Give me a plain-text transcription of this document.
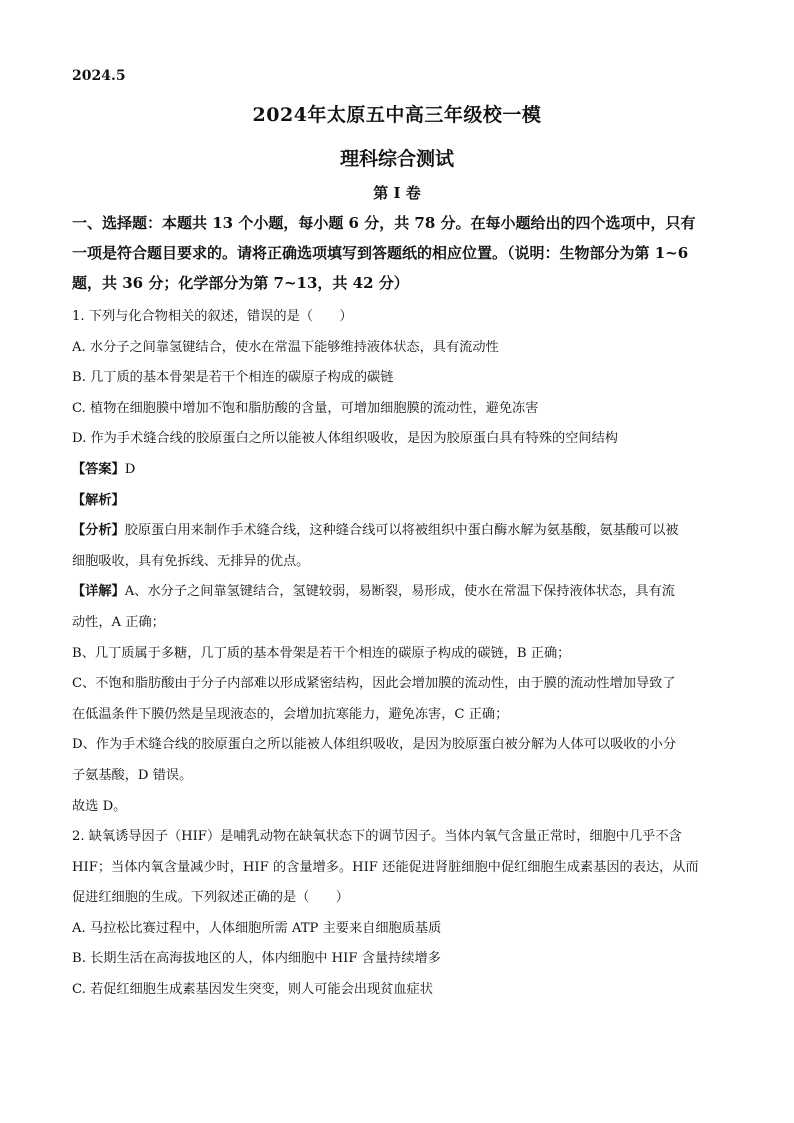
2024.5
2024年太原五中高三年级校一模
理科综合测试
第 I 卷
一、选择题：本题共 13 个小题，每小题 6 分，共 78 分。在每小题给出的四个选项中，只有
一项是符合题目要求的。请将正确选项填写到答题纸的相应位置。（说明：生物部分为第 1~6
题，共 36 分；化学部分为第 7~13，共 42 分）
1. 下列与化合物相关的叙述，错误的是（　　）
A. 水分子之间靠氢键结合，使水在常温下能够维持液体状态，具有流动性
B. 几丁质的基本骨架是若干个相连的碳原子构成的碳链
C. 植物在细胞膜中增加不饱和脂肪酸的含量，可增加细胞膜的流动性，避免冻害
D. 作为手术缝合线的胶原蛋白之所以能被人体组织吸收，是因为胶原蛋白具有特殊的空间结构
【答案】D
【解析】
【分析】胶原蛋白用来制作手术缝合线，这种缝合线可以将被组织中蛋白酶水解为氨基酸，氨基酸可以被
细胞吸收，具有免拆线、无排异的优点。
【详解】A、水分子之间靠氢键结合，氢键较弱，易断裂，易形成，使水在常温下保持液体状态，具有流
动性，A 正确；
B、几丁质属于多糖，几丁质的基本骨架是若干个相连的碳原子构成的碳链，B 正确；
C、不饱和脂肪酸由于分子内部难以形成紧密结构，因此会增加膜的流动性，由于膜的流动性增加导致了
在低温条件下膜仍然是呈现液态的，会增加抗寒能力，避免冻害，C 正确；
D、作为手术缝合线的胶原蛋白之所以能被人体组织吸收，是因为胶原蛋白被分解为人体可以吸收的小分
子氨基酸，D 错误。
故选 D。
2. 缺氧诱导因子（HIF）是哺乳动物在缺氧状态下的调节因子。当体内氧气含量正常时，细胞中几乎不含
HIF；当体内氧含量减少时，HIF 的含量增多。HIF 还能促进肾脏细胞中促红细胞生成素基因的表达，从而
促进红细胞的生成。下列叙述正确的是（　　）
A. 马拉松比赛过程中，人体细胞所需 ATP 主要来自细胞质基质
B. 长期生活在高海拔地区的人，体内细胞中 HIF 含量持续增多
C. 若促红细胞生成素基因发生突变，则人可能会出现贫血症状
